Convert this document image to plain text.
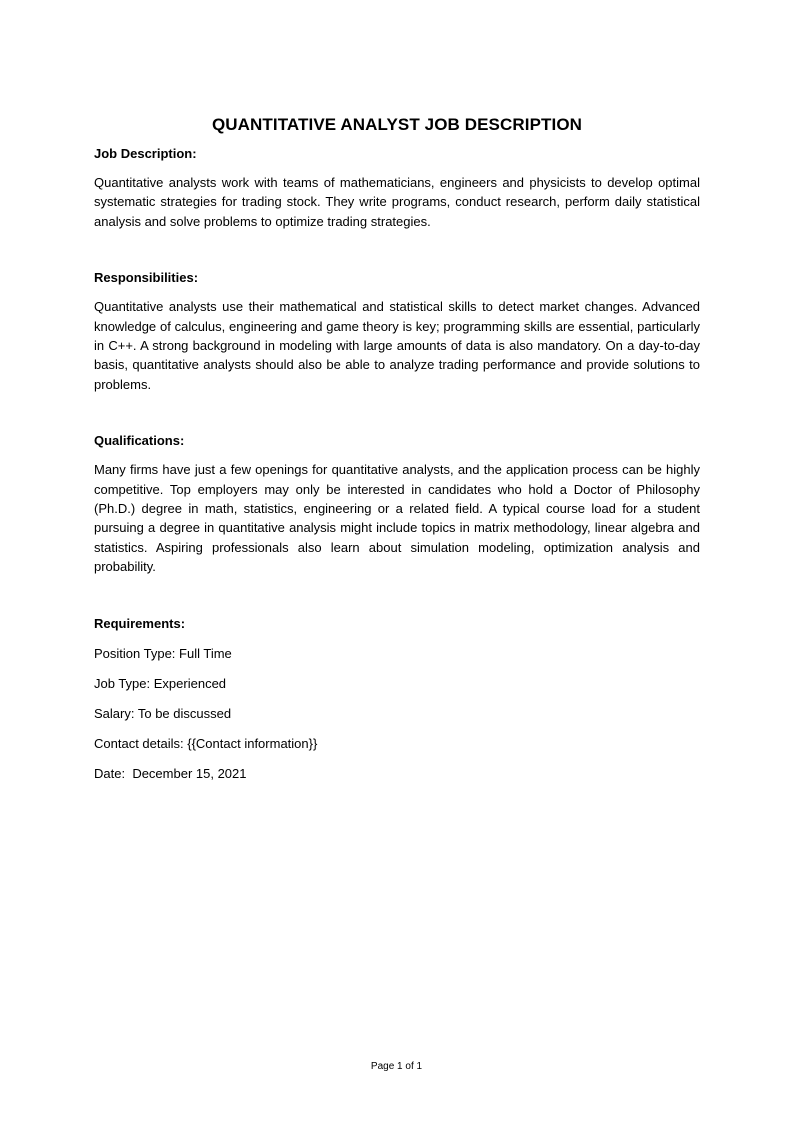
QUANTITATIVE ANALYST JOB DESCRIPTION

Job Description:

Quantitative analysts work with teams of mathematicians, engineers and physicists to develop optimal systematic strategies for trading stock. They write programs, conduct research, perform daily statistical analysis and solve problems to optimize trading strategies.

Responsibilities:

Quantitative analysts use their mathematical and statistical skills to detect market changes. Advanced knowledge of calculus, engineering and game theory is key; programming skills are essential, particularly in C++. A strong background in modeling with large amounts of data is also mandatory. On a day-to-day basis, quantitative analysts should also be able to analyze trading performance and provide solutions to problems.

Qualifications:

Many firms have just a few openings for quantitative analysts, and the application process can be highly competitive. Top employers may only be interested in candidates who hold a Doctor of Philosophy (Ph.D.) degree in math, statistics, engineering or a related field. A typical course load for a student pursuing a degree in quantitative analysis might include topics in matrix methodology, linear algebra and statistics. Aspiring professionals also learn about simulation modeling, optimization analysis and probability.

Requirements:

Position Type: Full Time

Job Type: Experienced

Salary: To be discussed

Contact details: {{Contact information}}

Date: December 15, 2021

Page 1 of 1
